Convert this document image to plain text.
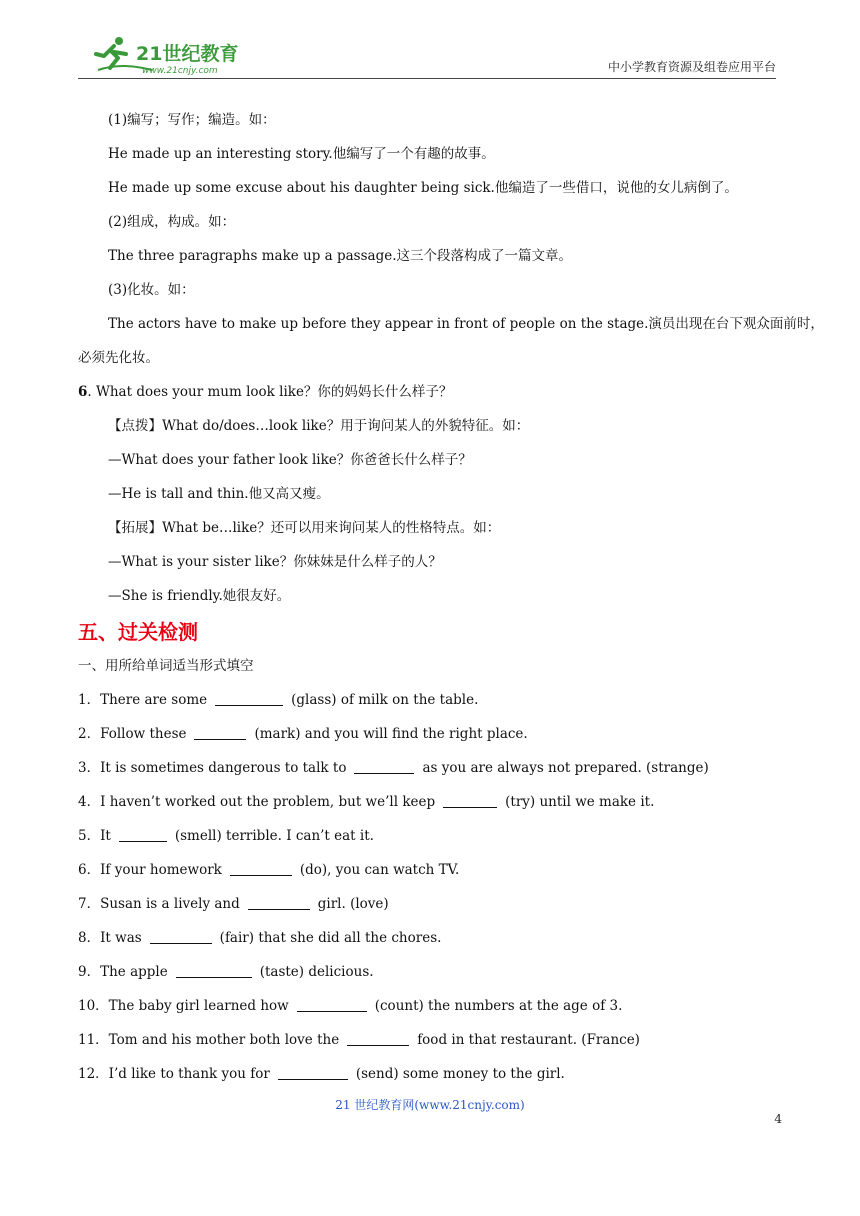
21世纪教育
www.21cnjy.com	中小学教育资源及组卷应用平台
(1)编写；写作；编造。如：
He made up an interesting story.他编写了一个有趣的故事。
He made up some excuse about his daughter being sick.他编造了一些借口，说他的女儿病倒了。
(2)组成，构成。如：
The three paragraphs make up a passage.这三个段落构成了一篇文章。
(3)化妆。如：
The actors have to make up before they appear in front of people on the stage.演员出现在台下观众面前时，
必须先化妆。
6. What does your mum look like？你的妈妈长什么样子？
【点拨】What do/does…look like？用于询问某人的外貌特征。如：
—What does your father look like？你爸爸长什么样子？
—He is tall and thin.他又高又瘦。
【拓展】What be…like？还可以用来询问某人的性格特点。如：
—What is your sister like？你妹妹是什么样子的人？
—She is friendly.她很友好。
五、过关检测
一、用所给单词适当形式填空
1．There are some	(glass) of milk on the table.
2．Follow these	(mark) and you will find the right place.
3．It is sometimes dangerous to talk to	as you are always not prepared. (strange)
4．I haven’t worked out the problem, but we’ll keep	(try) until we make it.
5．It	(smell) terrible. I can’t eat it.
6．If your homework	(do), you can watch TV.
7．Susan is a lively and	girl. (love)
8．It was	(fair) that she did all the chores.
9．The apple	(taste) delicious.
10．The baby girl learned how	(count) the numbers at the age of 3.
11．Tom and his mother both love the	food in that restaurant. (France)
12．I’d like to thank you for	(send) some money to the girl.
21 世纪教育网(www.21cnjy.com)
4
